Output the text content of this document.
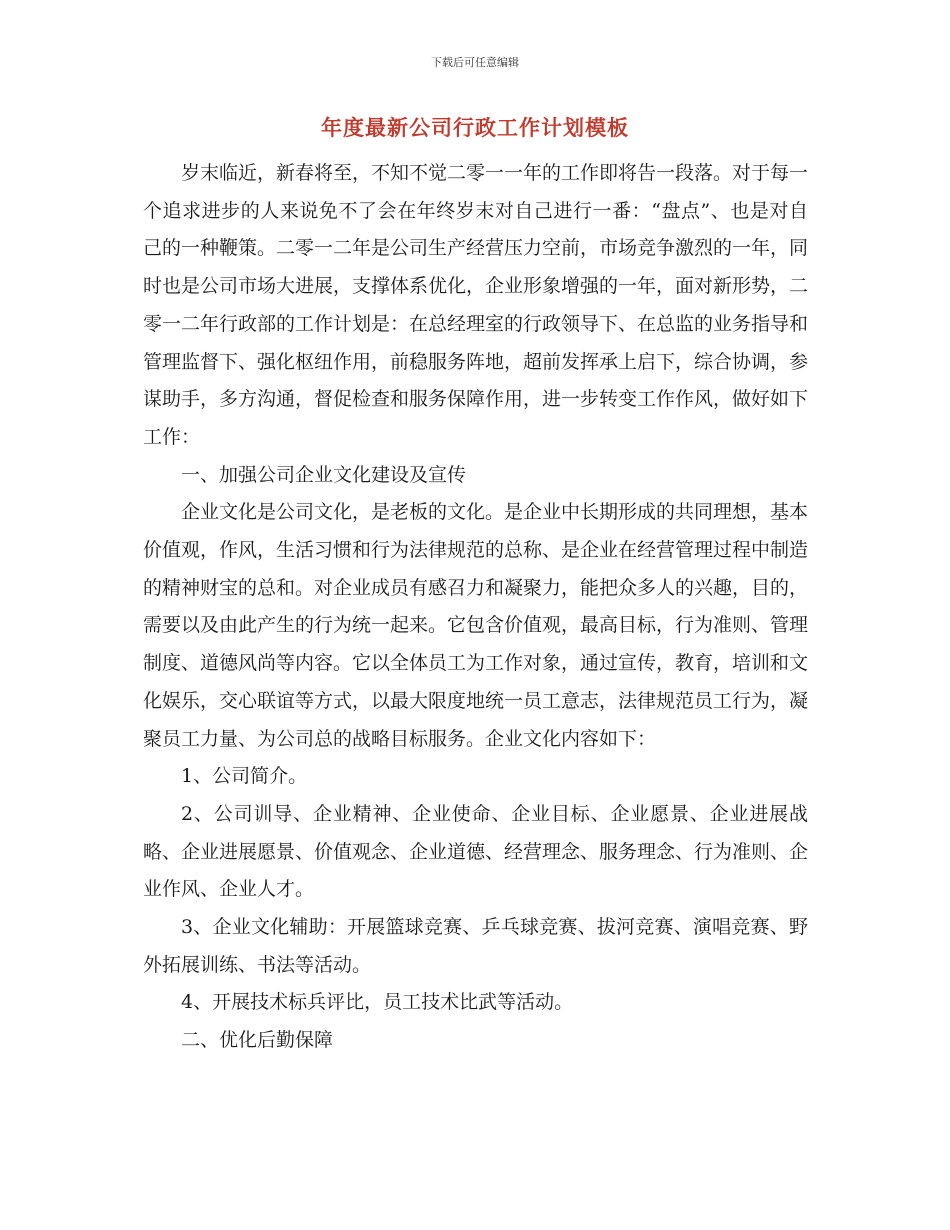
下载后可任意编辑
年度最新公司行政工作计划模板

岁末临近，新春将至，不知不觉二零一一年的工作即将告一段落。对于每一个追求进步的人来说免不了会在年终岁末对自己进行一番：“盘点”、也是对自己的一种鞭策。二零一二年是公司生产经营压力空前，市场竞争激烈的一年，同时也是公司市场大进展，支撑体系优化，企业形象增强的一年，面对新形势，二零一二年行政部的工作计划是：在总经理室的行政领导下、在总监的业务指导和管理监督下、强化枢纽作用，前稳服务阵地，超前发挥承上启下，综合协调，参谋助手，多方沟通，督促检查和服务保障作用，进一步转变工作作风，做好如下工作：

一、加强公司企业文化建设及宣传

企业文化是公司文化，是老板的文化。是企业中长期形成的共同理想，基本价值观，作风，生活习惯和行为法律规范的总称、是企业在经营管理过程中制造的精神财宝的总和。对企业成员有感召力和凝聚力，能把众多人的兴趣，目的，需要以及由此产生的行为统一起来。它包含价值观，最高目标，行为准则、管理制度、道德风尚等内容。它以全体员工为工作对象，通过宣传，教育，培训和文化娱乐，交心联谊等方式，以最大限度地统一员工意志，法律规范员工行为，凝聚员工力量、为公司总的战略目标服务。企业文化内容如下：

1、公司简介。

2、公司训导、企业精神、企业使命、企业目标、企业愿景、企业进展战略、企业进展愿景、价值观念、企业道德、经营理念、服务理念、行为准则、企业作风、企业人才。

3、企业文化辅助：开展篮球竞赛、乒乓球竞赛、拔河竞赛、演唱竞赛、野外拓展训练、书法等活动。

4、开展技术标兵评比，员工技术比武等活动。

二、优化后勤保障
